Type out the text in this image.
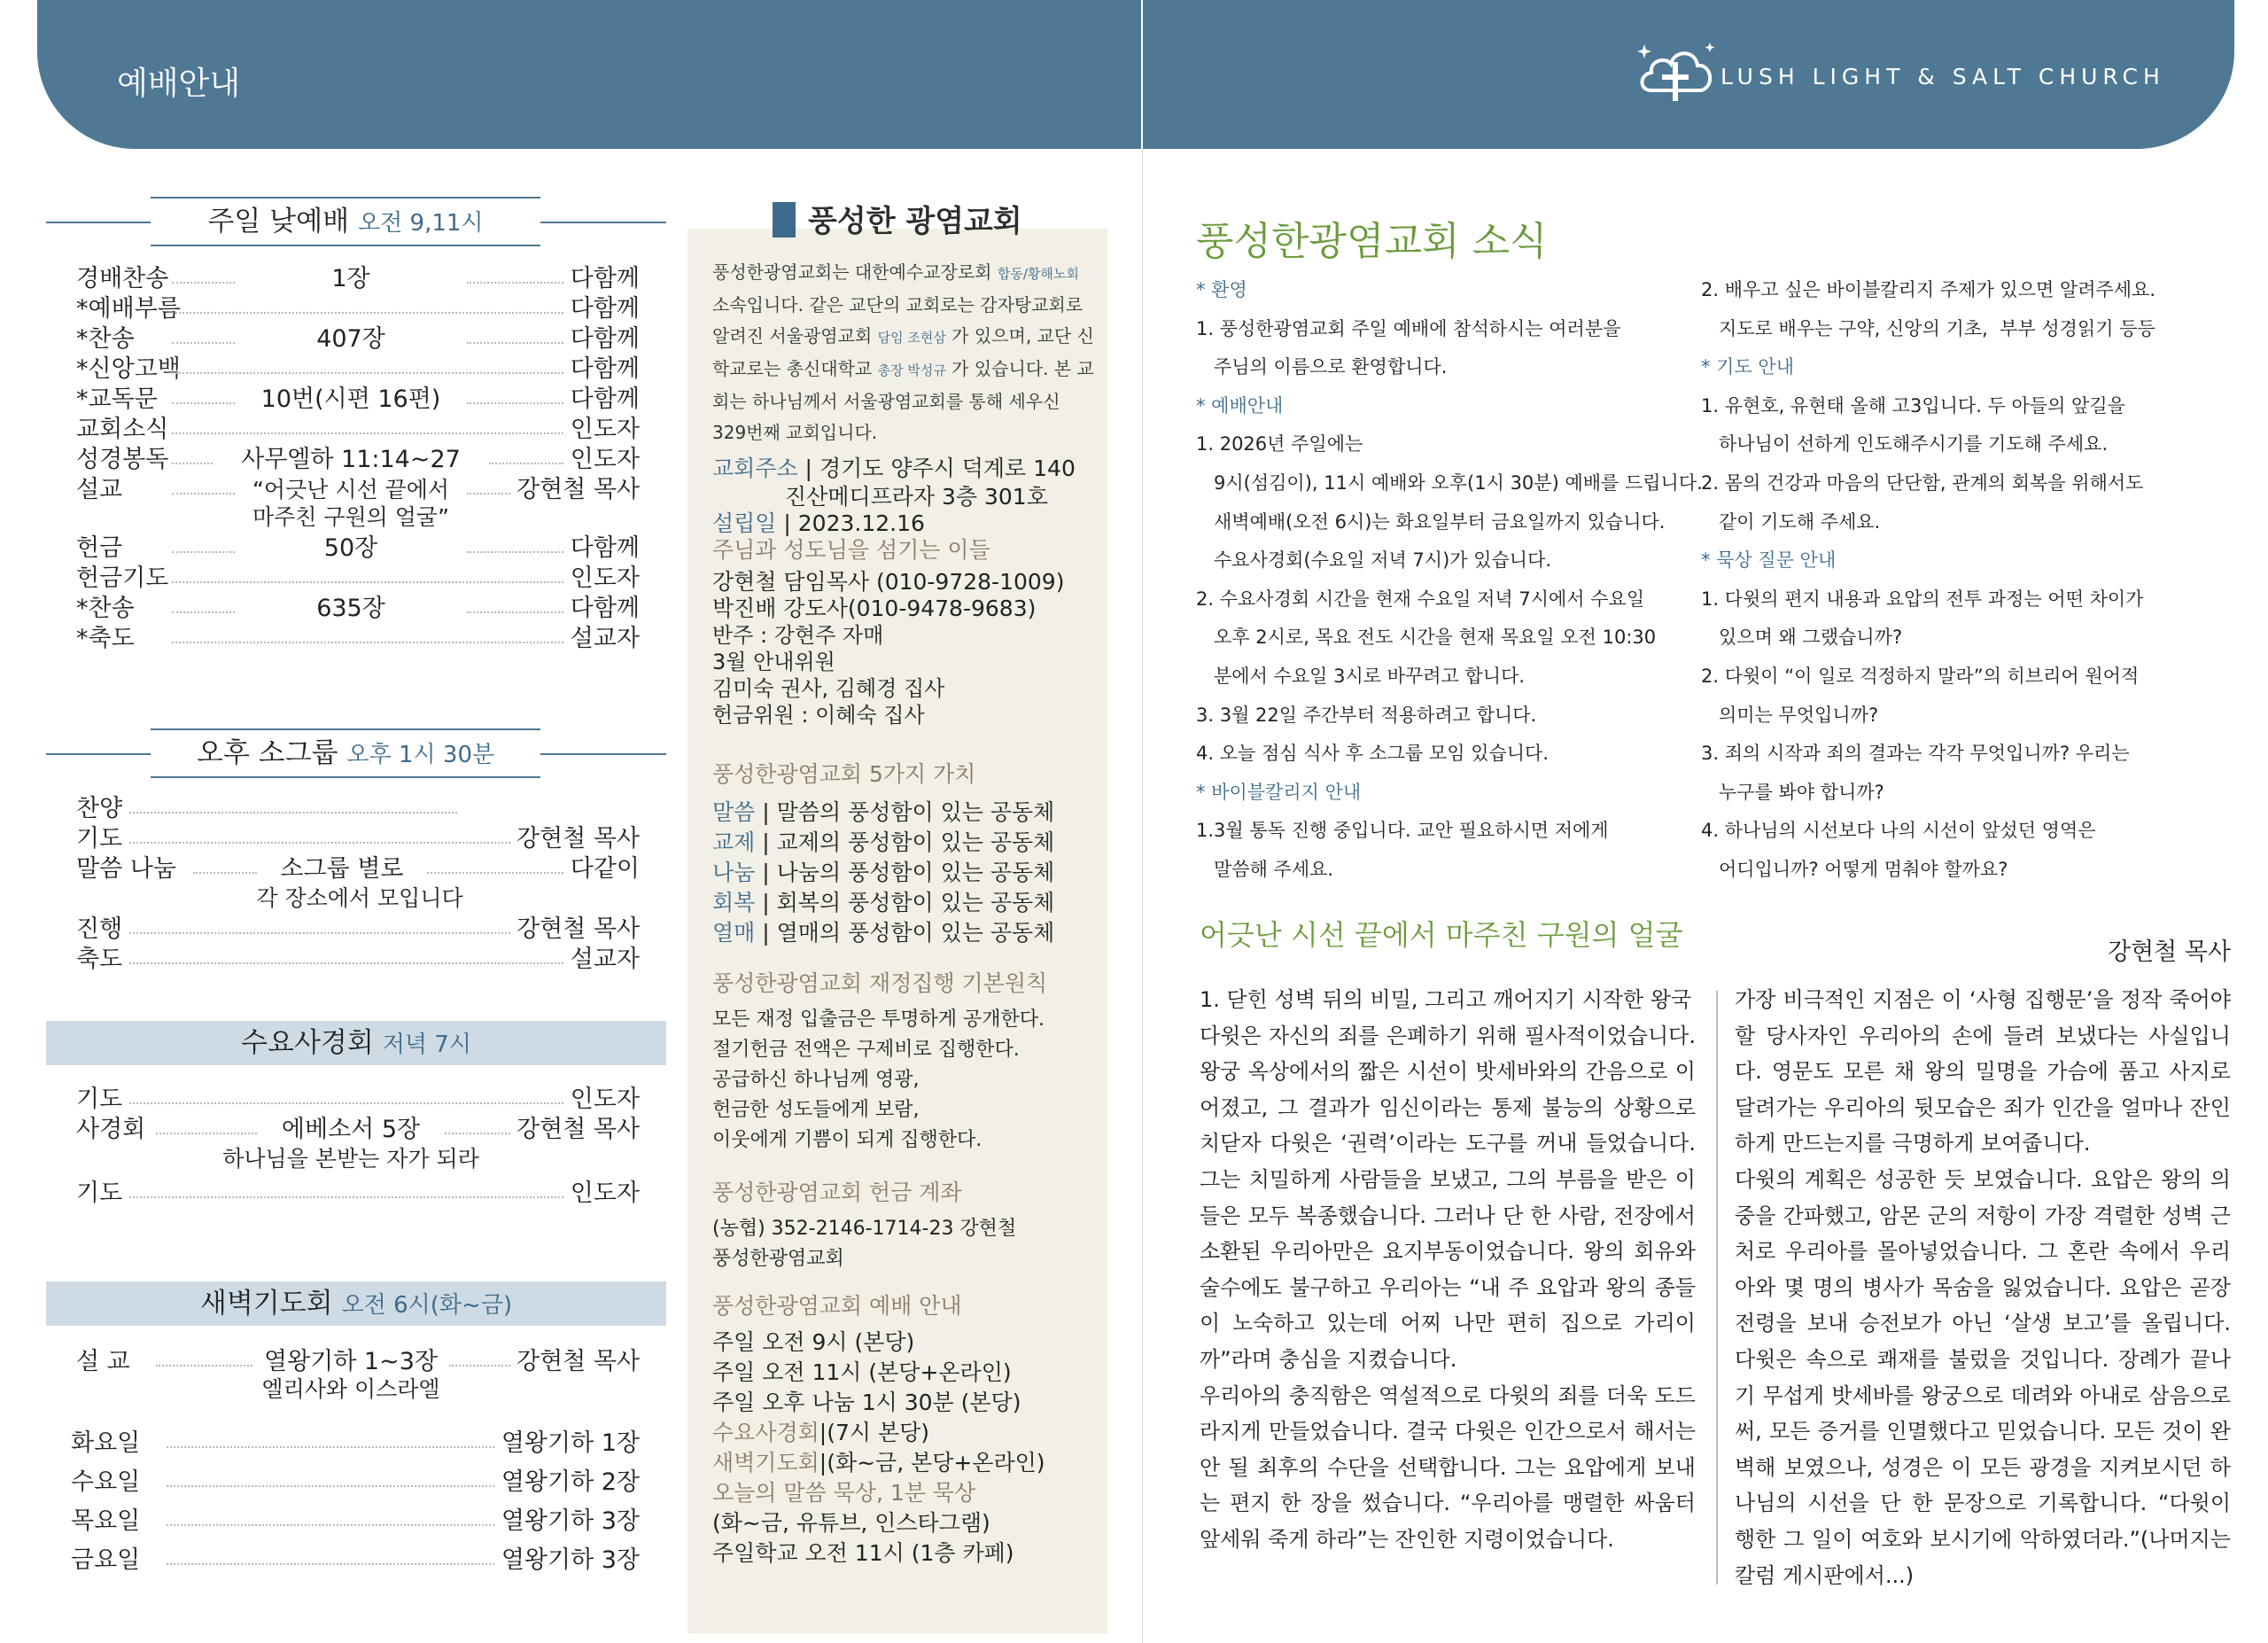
예배안내	LUSH LIGHT & SALT CHURCH
주일 낮예배 오전 9,11시
경배찬송	1장	다함께
*예배부름	다함께
*찬송	407장	다함께
*신앙고백	다함께
*교독문	10번(시편 16편)	다함께
교회소식	인도자
성경봉독	사무엘하 11:14~27	인도자
설교	“어긋난 시선 끝에서	강현철 목사
마주친 구원의 얼굴”
헌금	50장	다함께
헌금기도	인도자
*찬송	635장	다함께
*축도	설교자
오후 소그룹 오후 1시 30분
찬양
기도	강현철 목사
말씀 나눔	소그룹 별로	다같이
각 장소에서 모입니다
진행	강현철 목사
축도	설교자
수요사경회 저녁 7시
기도	인도자
사경회	에베소서 5장	강현철 목사
하나님을 본받는 자가 되라
기도	인도자
새벽기도회 오전 6시(화~금)
설 교	열왕기하 1~3장	강현철 목사
엘리사와 이스라엘
화요일	열왕기하 1장
수요일	열왕기하 2장
목요일	열왕기하 3장
금요일	열왕기하 3장
풍성한 광염교회
풍성한광염교회는 대한예수교장로회 합동/황해노회 소속입니다. 같은 교단의 교회로는 감자탕교회로 알려진 서울광염교회 담임 조현삼 가 있으며, 교단 신학교로는 총신대학교 총장 박성규 가 있습니다. 본 교회는 하나님께서 서울광염교회를 통해 세우신 329번째 교회입니다.
교회주소 | 경기도 양주시 덕계로 140
진산메디프라자 3층 301호
설립일 | 2023.12.16
주님과 성도님을 섬기는 이들
강현철 담임목사 (010-9728-1009)
박진배 강도사(010-9478-9683)
반주 : 강현주 자매
3월 안내위원
김미숙 권사, 김혜경 집사
헌금위원 : 이혜숙 집사
풍성한광염교회 5가지 가치
말씀 | 말씀의 풍성함이 있는 공동체
교제 | 교제의 풍성함이 있는 공동체
나눔 | 나눔의 풍성함이 있는 공동체
회복 | 회복의 풍성함이 있는 공동체
열매 | 열매의 풍성함이 있는 공동체
풍성한광염교회 재정집행 기본원칙
모든 재정 입출금은 투명하게 공개한다.
절기헌금 전액은 구제비로 집행한다.
공급하신 하나님께 영광,
헌금한 성도들에게 보람,
이웃에게 기쁨이 되게 집행한다.
풍성한광염교회 헌금 계좌
(농협) 352-2146-1714-23 강현철
풍성한광염교회
풍성한광염교회 예배 안내
주일 오전 9시 (본당)
주일 오전 11시 (본당+온라인)
주일 오후 나눔 1시 30분 (본당)
수요사경회|(7시 본당)
새벽기도회|(화~금, 본당+온라인)
오늘의 말씀 묵상, 1분 묵상
(화~금, 유튜브, 인스타그램)
주일학교 오전 11시 (1층 카페)
풍성한광염교회 소식
* 환영
1. 풍성한광염교회 주일 예배에 참석하시는 여러분을
주님의 이름으로 환영합니다.
* 예배안내
1. 2026년 주일에는
9시(섬김이), 11시 예배와 오후(1시 30분) 예배를 드립니다.
새벽예배(오전 6시)는 화요일부터 금요일까지 있습니다.
수요사경회(수요일 저녁 7시)가 있습니다.
2. 수요사경회 시간을 현재 수요일 저녁 7시에서 수요일
오후 2시로, 목요 전도 시간을 현재 목요일 오전 10:30
분에서 수요일 3시로 바꾸려고 합니다.
3. 3월 22일 주간부터 적용하려고 합니다.
4. 오늘 점심 식사 후 소그룹 모임 있습니다.
* 바이블칼리지 안내
1.3월 통독 진행 중입니다. 교안 필요하시면 저에게
말씀해 주세요.
2. 배우고 싶은 바이블칼리지 주제가 있으면 알려주세요.
지도로 배우는 구약, 신앙의 기초,  부부 성경읽기 등등
* 기도 안내
1. 유현호, 유현태 올해 고3입니다. 두 아들의 앞길을
하나님이 선하게 인도해주시기를 기도해 주세요.
2. 몸의 건강과 마음의 단단함, 관계의 회복을 위해서도
같이 기도해 주세요.
* 묵상 질문 안내
1. 다윗의 편지 내용과 요압의 전투 과정는 어떤 차이가
있으며 왜 그랬습니까?
2. 다윗이 “이 일로 걱정하지 말라”의 히브리어 원어적
의미는 무엇입니까?
3. 죄의 시작과 죄의 결과는 각각 무엇입니까? 우리는
누구를 봐야 합니까?
4. 하나님의 시선보다 나의 시선이 앞섰던 영역은
어디입니까? 어떻게 멈춰야 할까요?
어긋난 시선 끝에서 마주친 구원의 얼굴
강현철 목사
1. 닫힌 성벽 뒤의 비밀, 그리고 깨어지기 시작한 왕국
다윗은 자신의 죄를 은폐하기 위해 필사적이었습니다. 왕궁 옥상에서의 짧은 시선이 밧세바와의 간음으로 이어졌고, 그 결과가 임신이라는 통제 불능의 상황으로 치닫자 다윗은 ‘권력’이라는 도구를 꺼내 들었습니다. 그는 치밀하게 사람들을 보냈고, 그의 부름을 받은 이들은 모두 복종했습니다. 그러나 단 한 사람, 전장에서 소환된 우리아만은 요지부동이었습니다. 왕의 회유와 술수에도 불구하고 우리아는 “내 주 요압과 왕의 종들이 노숙하고 있는데 어찌 나만 편히 집으로 가리이까”라며 충심을 지켰습니다.
우리아의 충직함은 역설적으로 다윗의 죄를 더욱 도드라지게 만들었습니다. 결국 다윗은 인간으로서 해서는 안 될 최후의 수단을 선택합니다. 그는 요압에게 보내는 편지 한 장을 썼습니다. “우리아를 맹렬한 싸움터 앞세워 죽게 하라”는 잔인한 지령이었습니다.
가장 비극적인 지점은 이 ‘사형 집행문’을 정작 죽어야 할 당사자인 우리아의 손에 들려 보냈다는 사실입니다. 영문도 모른 채 왕의 밀명을 가슴에 품고 사지로 달려가는 우리아의 뒷모습은 죄가 인간을 얼마나 잔인하게 만드는지를 극명하게 보여줍니다.
다윗의 계획은 성공한 듯 보였습니다. 요압은 왕의 의중을 간파했고, 암몬 군의 저항이 가장 격렬한 성벽 근처로 우리아를 몰아넣었습니다. 그 혼란 속에서 우리아와 몇 명의 병사가 목숨을 잃었습니다. 요압은 곧장 전령을 보내 승전보가 아닌 ‘살생 보고’를 올립니다. 다윗은 속으로 쾌재를 불렀을 것입니다. 장례가 끝나기 무섭게 밧세바를 왕궁으로 데려와 아내로 삼음으로써, 모든 증거를 인멸했다고 믿었습니다. 모든 것이 완벽해 보였으나, 성경은 이 모든 광경을 지켜보시던 하나님의 시선을 단 한 문장으로 기록합니다. “다윗이 행한 그 일이 여호와 보시기에 악하였더라.”(나머지는 칼럼 게시판에서...)
